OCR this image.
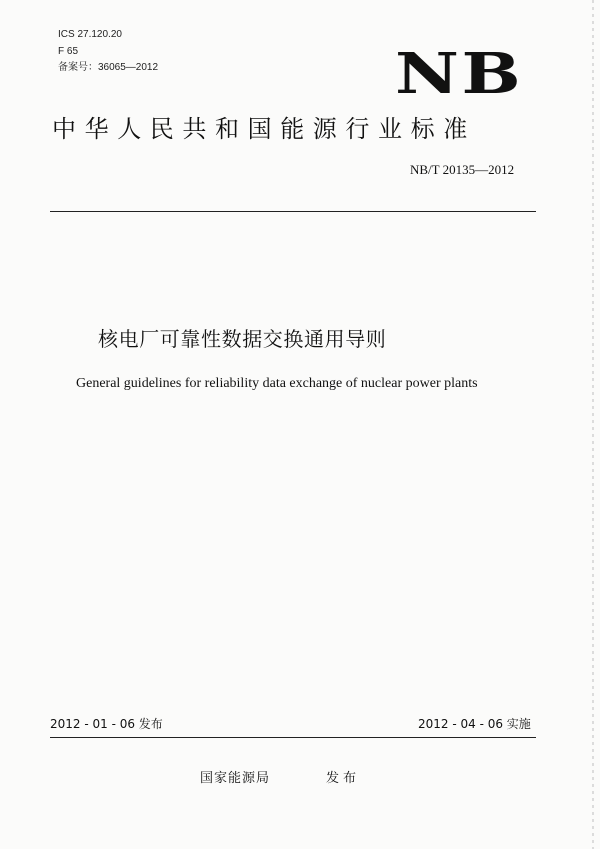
ICS 27.120.20
F 65
备案号：36065—2012	NB
中华人民共和国能源行业标准
NB/T 20135—2012
核电厂可靠性数据交换通用导则
General guidelines for reliability data exchange of nuclear power plants
2012 - 01 - 06 发布	2012 - 04 - 06 实施
国家能源局	发布
